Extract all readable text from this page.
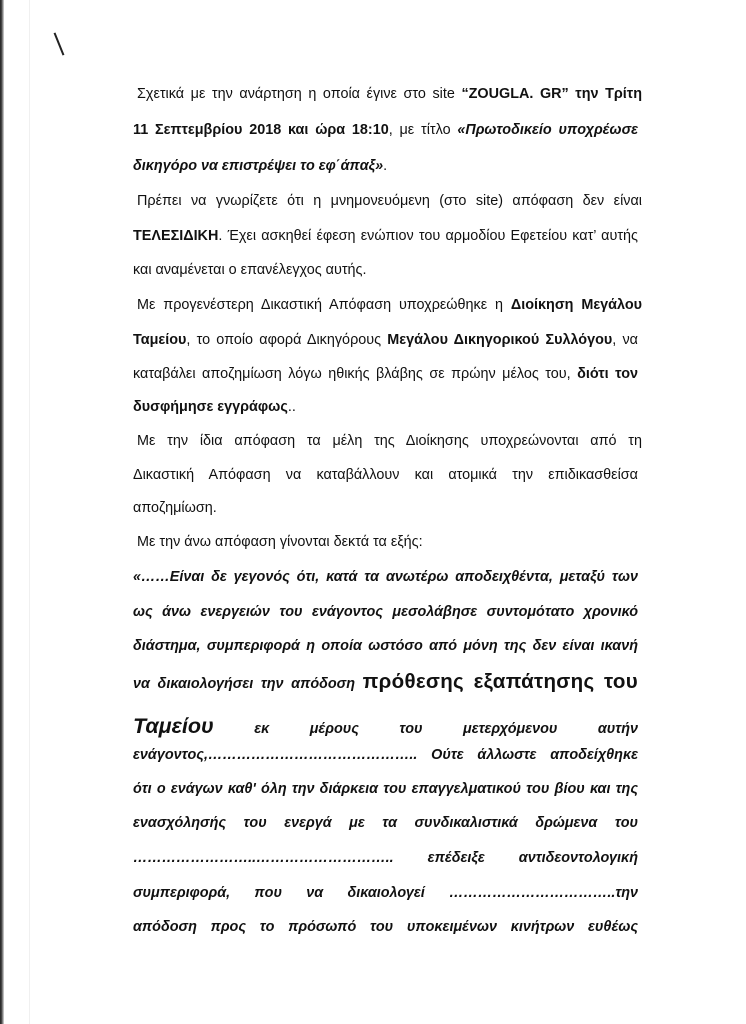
Σχετικά με την ανάρτηση η οποία έγινε στο site “ZOUGLA. GR” την Τρίτη
11 Σεπτεμβρίου 2018 και ώρα 18:10, με τίτλο «Πρωτοδικείο υποχρέωσε
δικηγόρο να επιστρέψει το εφ΄άπαξ».
Πρέπει να γνωρίζετε ότι η μνημονευόμενη (στο site) απόφαση δεν είναι
ΤΕΛΕΣΙΔΙΚΗ. Έχει ασκηθεί έφεση ενώπιον του αρμοδίου Εφετείου κατ’ αυτής
και αναμένεται ο επανέλεγχος αυτής.
Με προγενέστερη Δικαστική Απόφαση υποχρεώθηκε η Διοίκηση Μεγάλου
Ταμείου, το οποίο αφορά Δικηγόρους Μεγάλου Δικηγορικού Συλλόγου, να
καταβάλει αποζημίωση λόγω ηθικής βλάβης σε πρώην μέλος του, διότι τον
δυσφήμησε εγγράφως..
Με την ίδια απόφαση τα μέλη της Διοίκησης υποχρεώνονται από τη
Δικαστική Απόφαση να καταβάλλουν και ατομικά την επιδικασθείσα
αποζημίωση.
Με την άνω απόφαση γίνονται δεκτά τα εξής:
«……Είναι δε γεγονός ότι, κατά τα ανωτέρω αποδειχθέντα, μεταξύ των
ως άνω ενεργειών του ενάγοντος μεσολάβησε συντομότατο χρονικό
διάστημα, συμπεριφορά η οποία ωστόσο από μόνη της δεν είναι ικανή
να δικαιολογήσει την απόδοση πρόθεσης εξαπάτησης του
Ταμείου εκ μέρους του μετερχόμενου αυτήν
ενάγοντος,…………………………………….. Ούτε άλλωστε αποδείχθηκε
ότι ο ενάγων καθ' όλη την διάρκεια του επαγγελματικού του βίου και της
ενασχόλησής του ενεργά με τα συνδικαλιστικά δρώμενα του
……………………..……………………….. επέδειξε αντιδεοντολογική
συμπεριφορά, που να δικαιολογεί ……………………………..την
απόδοση προς το πρόσωπό του υποκειμένων κινήτρων ευθέως
